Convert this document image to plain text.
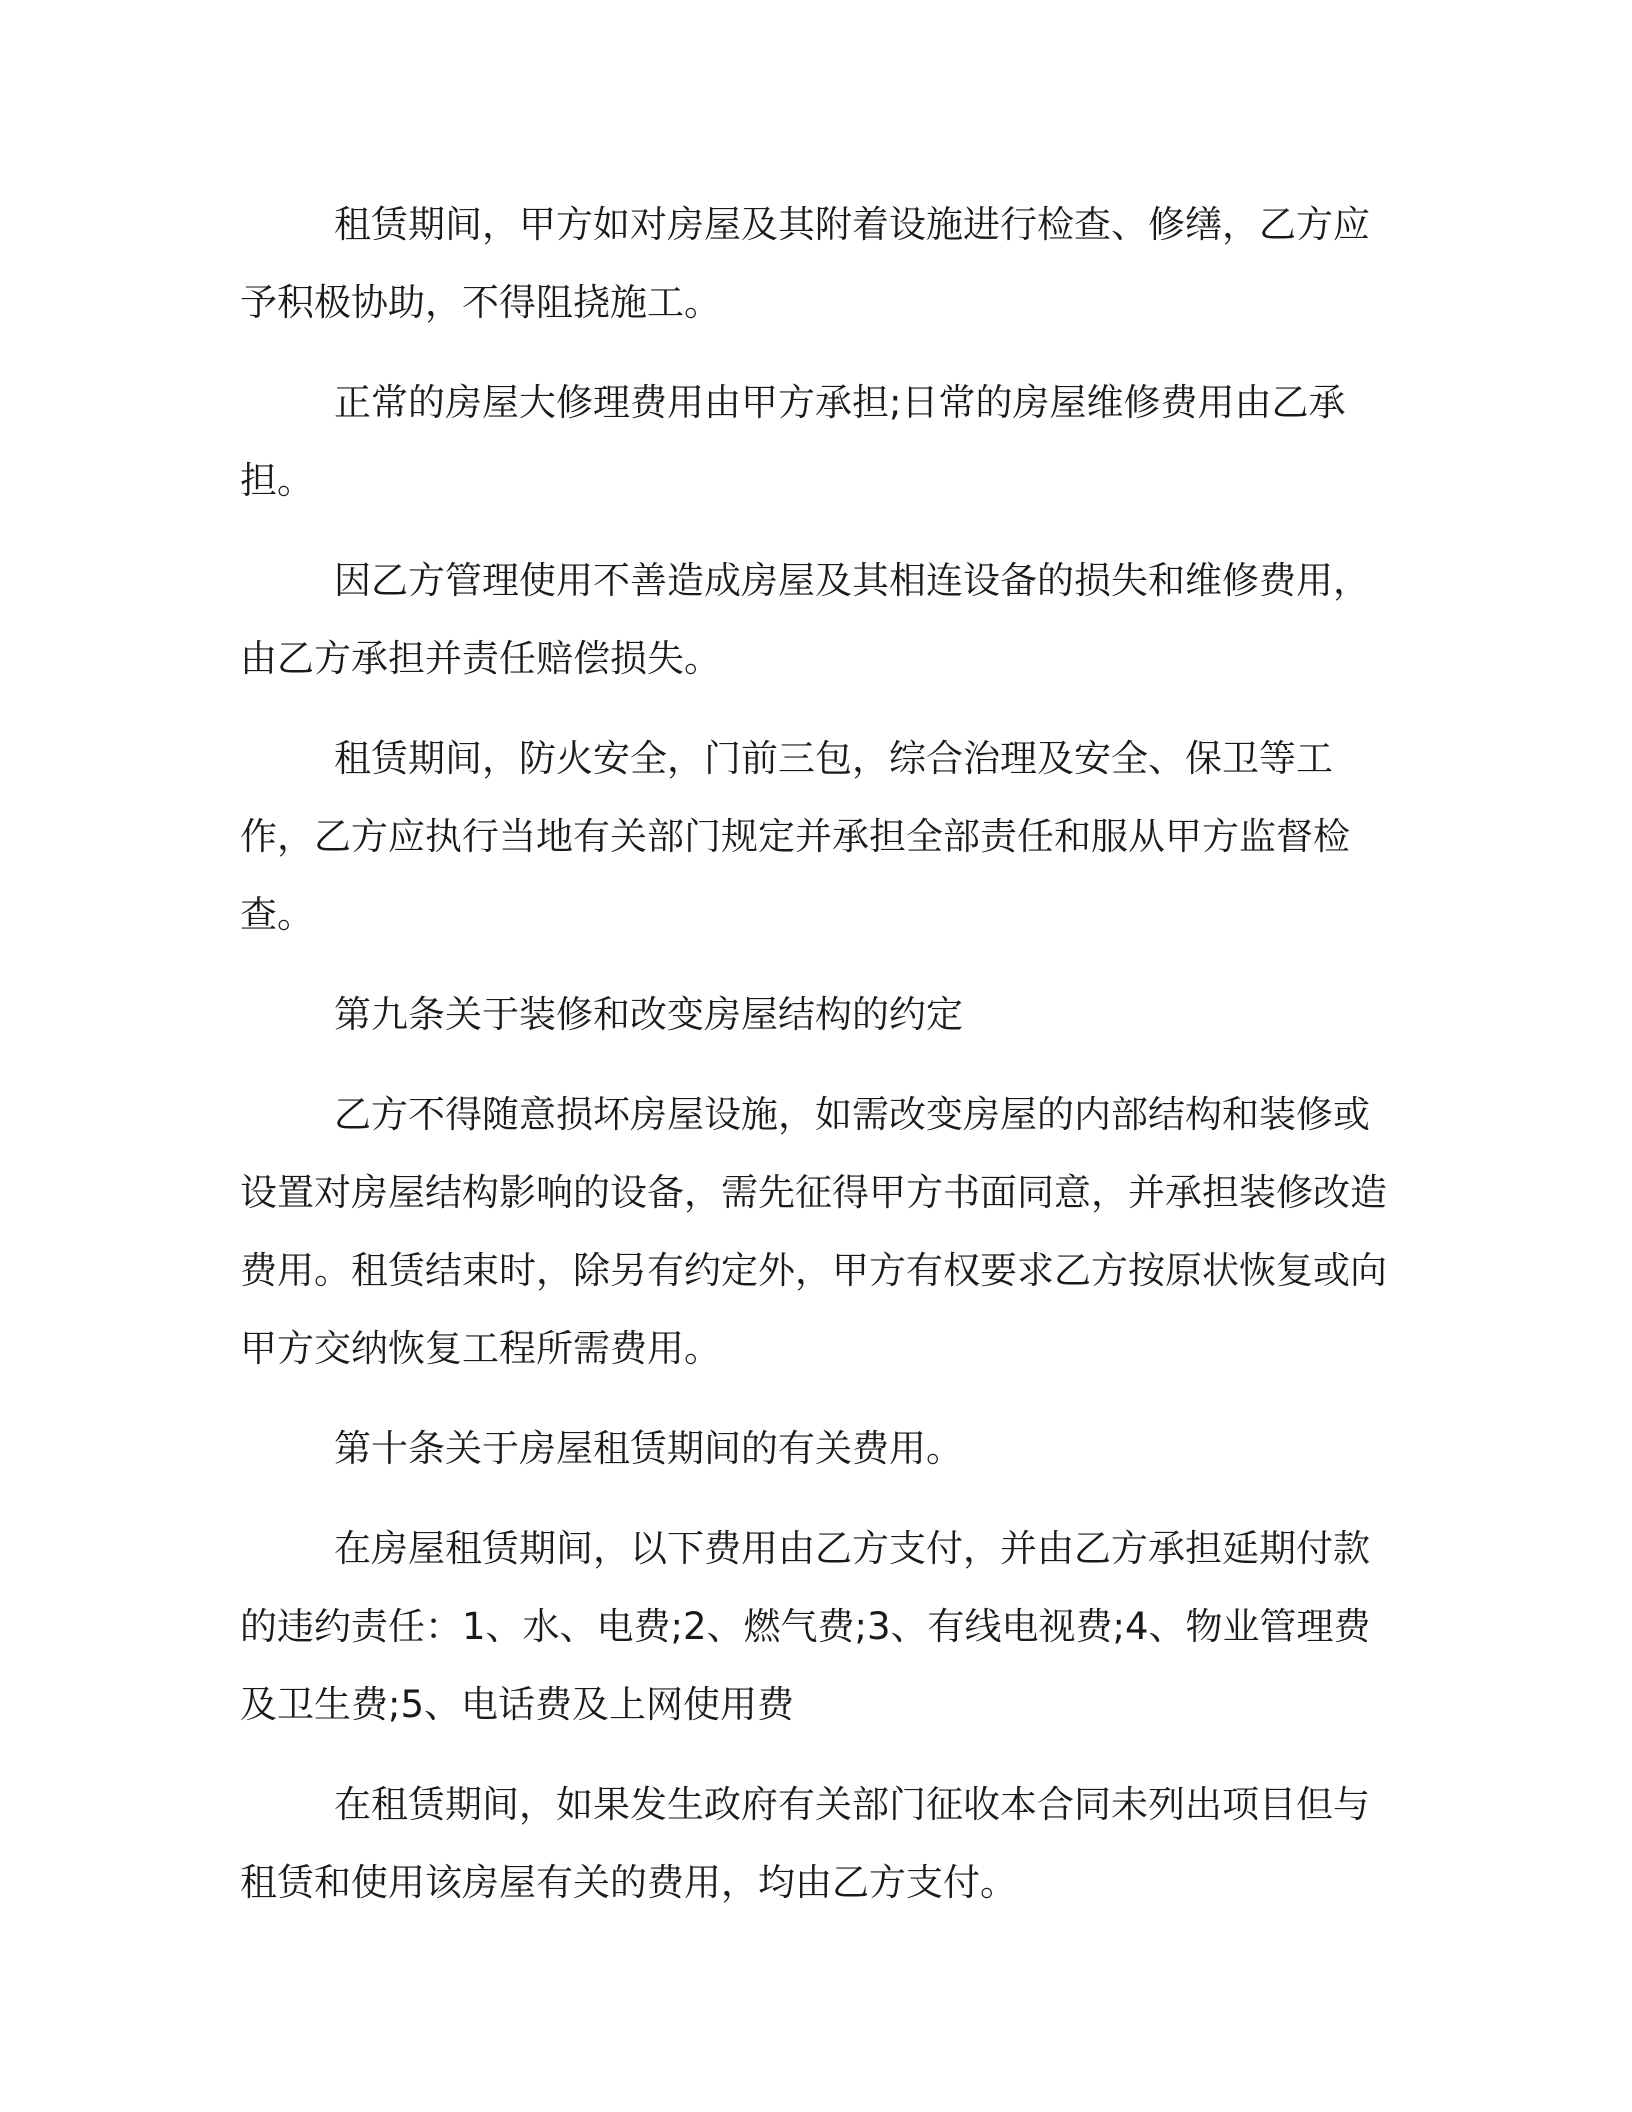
租赁期间，甲方如对房屋及其附着设施进行检查、修缮，乙方应予积极协助，不得阻挠施工。

正常的房屋大修理费用由甲方承担;日常的房屋维修费用由乙承担。

因乙方管理使用不善造成房屋及其相连设备的损失和维修费用，由乙方承担并责任赔偿损失。

租赁期间，防火安全，门前三包，综合治理及安全、保卫等工作，乙方应执行当地有关部门规定并承担全部责任和服从甲方监督检查。

第九条关于装修和改变房屋结构的约定

乙方不得随意损坏房屋设施，如需改变房屋的内部结构和装修或设置对房屋结构影响的设备，需先征得甲方书面同意，并承担装修改造费用。租赁结束时，除另有约定外，甲方有权要求乙方按原状恢复或向甲方交纳恢复工程所需费用。

第十条关于房屋租赁期间的有关费用。

在房屋租赁期间，以下费用由乙方支付，并由乙方承担延期付款的违约责任：1、水、电费;2、燃气费;3、有线电视费;4、物业管理费及卫生费;5、电话费及上网使用费

在租赁期间，如果发生政府有关部门征收本合同未列出项目但与租赁和使用该房屋有关的费用，均由乙方支付。
